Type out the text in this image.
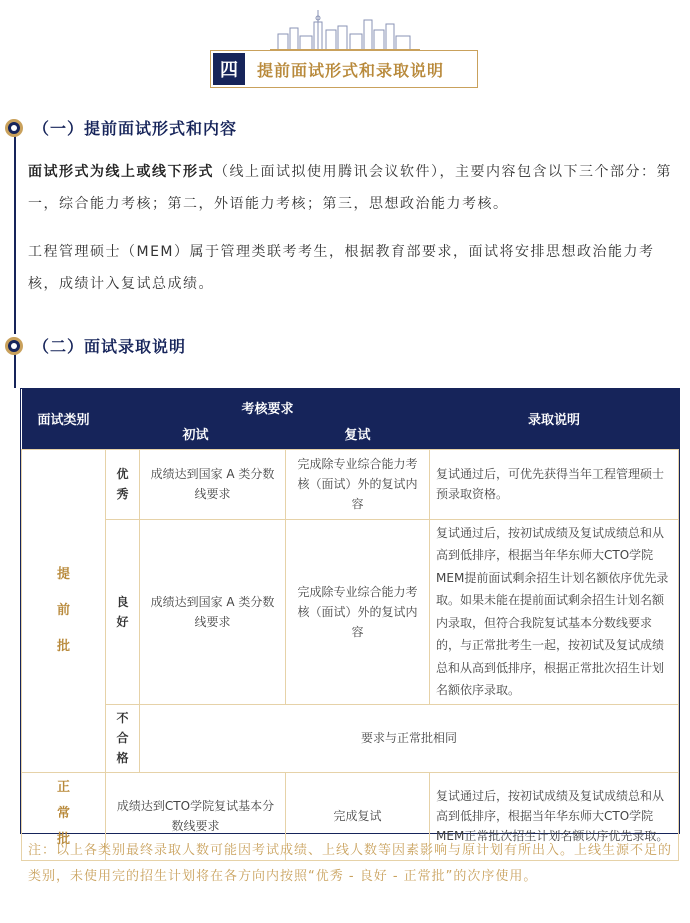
四	提前面试形式和录取说明
（一）提前面试形式和内容

面试形式为线上或线下形式（线上面试拟使用腾讯会议软件），主要内容包含以下三个部分：第一，综合能力考核；第二，外语能力考核；第三，思想政治能力考核。

工程管理硕士（MEM）属于管理类联考考生，根据教育部要求，面试将安排思想政治能力考核，成绩计入复试总成绩。

（二）面试录取说明
面试类别	考核要求			录取说明
	初试		复试	
提前批	优秀	成绩达到国家 A 类分数线要求	完成除专业综合能力考核（面试）外的复试内容	复试通过后，可优先获得当年工程管理硕士预录取资格。
	良好	成绩达到国家 A 类分数线要求	完成除专业综合能力考核（面试）外的复试内容	复试通过后，按初试成绩及复试成绩总和从高到低排序，根据当年华东师大CTO学院MEM提前面试剩余招生计划名额依序优先录取。如果未能在提前面试剩余招生计划名额内录取，但符合我院复试基本分数线要求的，与正常批考生一起，按初试及复试成绩总和从高到低排序，根据正常批次招生计划名额依序录取。
	不合格	要求与正常批相同		
正常批	成绩达到CTO学院复试基本分数线要求		完成复试	复试通过后，按初试成绩及复试成绩总和从高到低排序，根据当年华东师大CTO学院MEM正常批次招生计划名额以序优先录取。

注：以上各类别最终录取人数可能因考试成绩、上线人数等因素影响与原计划有所出入。上线生源不足的类别，未使用完的招生计划将在各方向内按照“优秀 - 良好 - 正常批”的次序使用。
